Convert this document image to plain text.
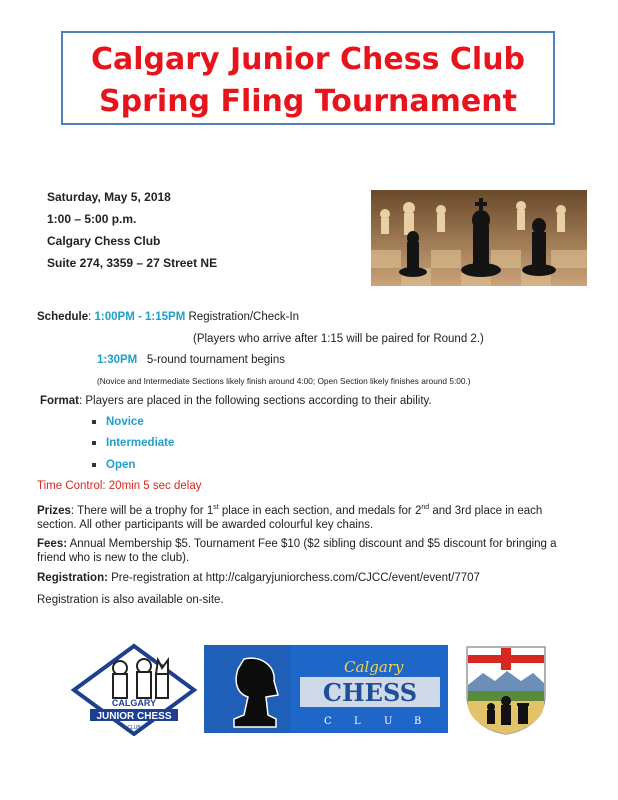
Calgary Junior Chess Club
Spring Fling Tournament
Saturday, May 5, 2018
1:00 – 5:00 p.m.
Calgary Chess Club
Suite 274, 3359 – 27 Street NE
Schedule: 1:00PM - 1:15PM Registration/Check-In
(Players who arrive after 1:15 will be paired for Round 2.)
1:30PM 5-round tournament begins
(Novice and Intermediate Sections likely finish around 4:00; Open Section likely finishes around 5:00.)
Format: Players are placed in the following sections according to their ability.
Novice
Intermediate
Open
Time Control: 20min 5 sec delay
Prizes: There will be a trophy for 1st place in each section, and medals for 2nd and 3rd place in each section. All other participants will be awarded colourful key chains.
Fees: Annual Membership $5. Tournament Fee $10 ($2 sibling discount and $5 discount for bringing a friend who is new to the club).
Registration: Pre-registration at http://calgaryjuniorchess.com/CJCC/event/event/7707
Registration is also available on-site.
CALGARY
JUNIOR CHESS
CLUB
Calgary
CHESS
C L U B
